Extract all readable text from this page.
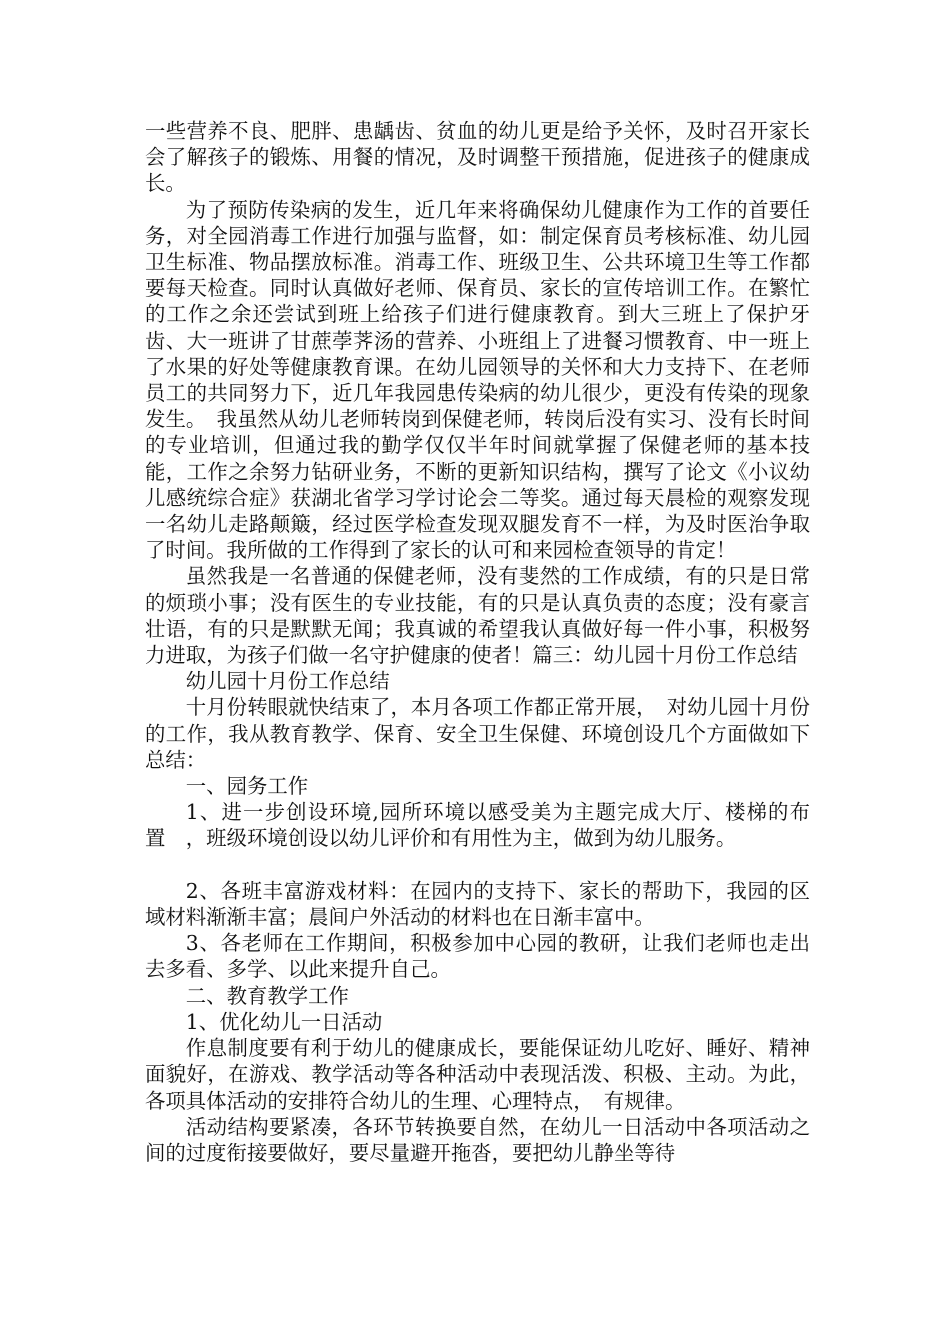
一些营养不良、肥胖、患龋齿、贫血的幼儿更是给予关怀，及时召开家长会了解孩子的锻炼、用餐的情况，及时调整干预措施，促进孩子的健康成长。

为了预防传染病的发生，近几年来将确保幼儿健康作为工作的首要任务，对全园消毒工作进行加强与监督，如：制定保育员考核标准、幼儿园卫生标准、物品摆放标准。消毒工作、班级卫生、公共环境卫生等工作都要每天检查。同时认真做好老师、保育员、家长的宣传培训工作。在繁忙的工作之余还尝试到班上给孩子们进行健康教育。到大三班上了保护牙齿、大一班讲了甘蔗荸荠汤的营养、小班组上了进餐习惯教育、中一班上了水果的好处等健康教育课。在幼儿园领导的关怀和大力支持下、在老师员工的共同努力下，近几年我园患传染病的幼儿很少，更没有传染的现象发生。　我虽然从幼儿老师转岗到保健老师，转岗后没有实习、没有长时间的专业培训，但通过我的勤学仅仅半年时间就掌握了保健老师的基本技能，工作之余努力钻研业务，不断的更新知识结构，撰写了论文《小议幼儿感统综合症》获湖北省学习学讨论会二等奖。通过每天晨检的观察发现一名幼儿走路颠簸，经过医学检查发现双腿发育不一样，为及时医治争取了时间。我所做的工作得到了家长的认可和来园检查领导的肯定！

虽然我是一名普通的保健老师，没有斐然的工作成绩，有的只是日常的烦琐小事；没有医生的专业技能，有的只是认真负责的态度；没有豪言壮语，有的只是默默无闻；我真诚的希望我认真做好每一件小事，积极努力进取，为孩子们做一名守护健康的使者！篇三：幼儿园十月份工作总结

幼儿园十月份工作总结

十月份转眼就快结束了，本月各项工作都正常开展，　对幼儿园十月份的工作，我从教育教学、保育、安全卫生保健、环境创设几个方面做如下总结：

一、园务工作

1、进一步创设环境,园所环境以感受美为主题完成大厅、楼梯的布置　，班级环境创设以幼儿评价和有用性为主，做到为幼儿服务。

2、各班丰富游戏材料：在园内的支持下、家长的帮助下，我园的区域材料渐渐丰富；晨间户外活动的材料也在日渐丰富中。

3、各老师在工作期间，积极参加中心园的教研，让我们老师也走出去多看、多学、以此来提升自己。

二、教育教学工作

1、优化幼儿一日活动

作息制度要有利于幼儿的健康成长，要能保证幼儿吃好、睡好、精神面貌好，在游戏、教学活动等各种活动中表现活泼、积极、主动。为此，各项具体活动的安排符合幼儿的生理、心理特点，　有规律。

活动结构要紧凑，各环节转换要自然，在幼儿一日活动中各项活动之间的过度衔接要做好，要尽量避开拖沓，要把幼儿静坐等待
